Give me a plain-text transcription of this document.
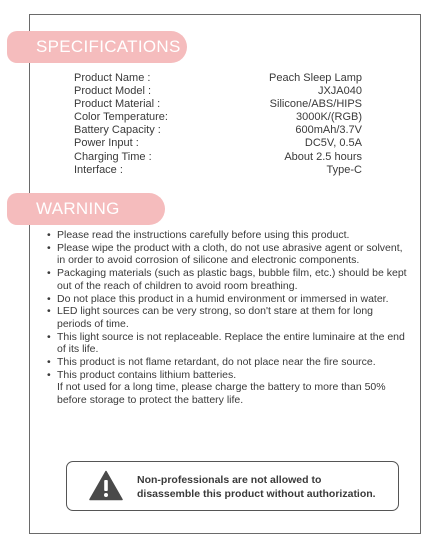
SPECIFICATIONS
Product Name :	Peach Sleep Lamp
Product Model :	JXJA040
Product Material :	Silicone/ABS/HIPS
Color Temperature:	3000K/(RGB)
Battery Capacity :	600mAh/3.7V
Power Input :	DC5V, 0.5A
Charging Time :	About 2.5 hours
Interface :	Type-C
WARNING
• Please read the instructions carefully before using this product.
• Please wipe the product with a cloth, do not use abrasive agent or solvent, in order to avoid corrosion of silicone and electronic components.
• Packaging materials (such as plastic bags, bubble film, etc.) should be kept out of the reach of children to avoid room breathing.
• Do not place this product in a humid environment or immersed in water.
• LED light sources can be very strong, so don't stare at them for long periods of time.
• This light source is not replaceable. Replace the entire luminaire at the end of its life.
• This product is not flame retardant, do not place near the fire source.
• This product contains lithium batteries.
If not used for a long time, please charge the battery to more than 50% before storage to protect the battery life.
Non-professionals are not allowed to
disassemble this product without authorization.
